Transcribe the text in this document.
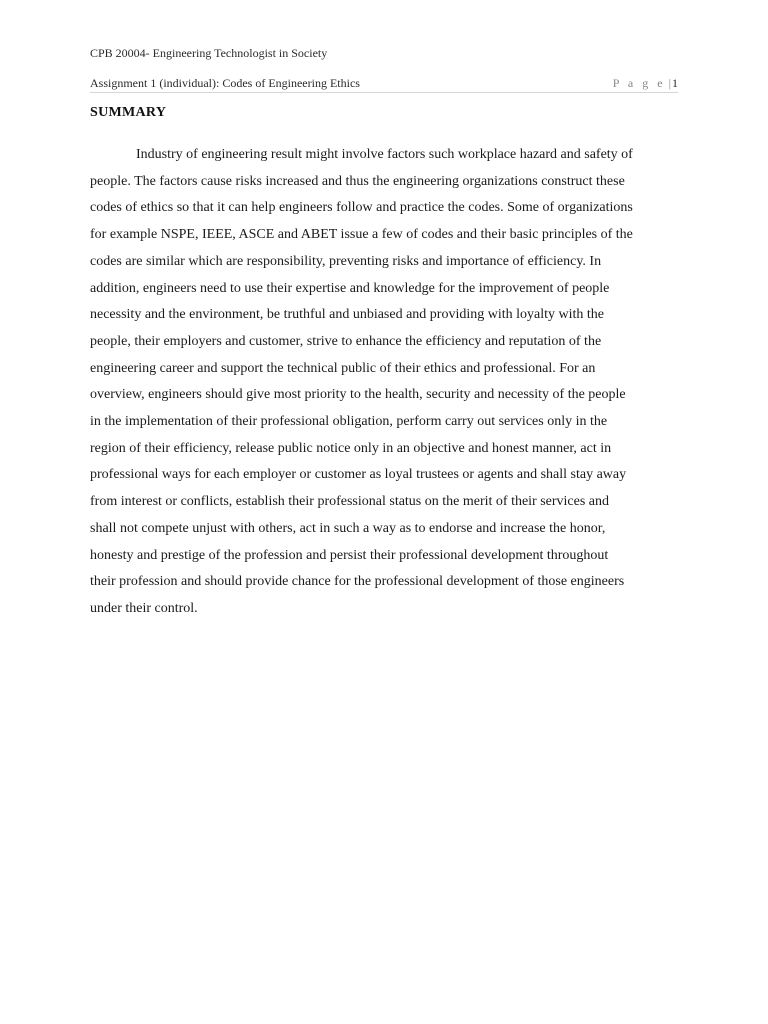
CPB 20004- Engineering Technologist in Society
Assignment 1 (individual): Codes of Engineering Ethics	P a g e |1
SUMMARY

Industry of engineering result might involve factors such workplace hazard and safety of
people. The factors cause risks increased and thus the engineering organizations construct these
codes of ethics so that it can help engineers follow and practice the codes. Some of organizations
for example NSPE, IEEE, ASCE and ABET issue a few of codes and their basic principles of the
codes are similar which are responsibility, preventing risks and importance of efficiency. In
addition, engineers need to use their expertise and knowledge for the improvement of people
necessity and the environment, be truthful and unbiased and providing with loyalty with the
people, their employers and customer, strive to enhance the efficiency and reputation of the
engineering career and support the technical public of their ethics and professional. For an
overview, engineers should give most priority to the health, security and necessity of the people
in the implementation of their professional obligation, perform carry out services only in the
region of their efficiency, release public notice only in an objective and honest manner, act in
professional ways for each employer or customer as loyal trustees or agents and shall stay away
from interest or conflicts, establish their professional status on the merit of their services and
shall not compete unjust with others, act in such a way as to endorse and increase the honor,
honesty and prestige of the profession and persist their professional development throughout
their profession and should provide chance for the professional development of those engineers
under their control.
